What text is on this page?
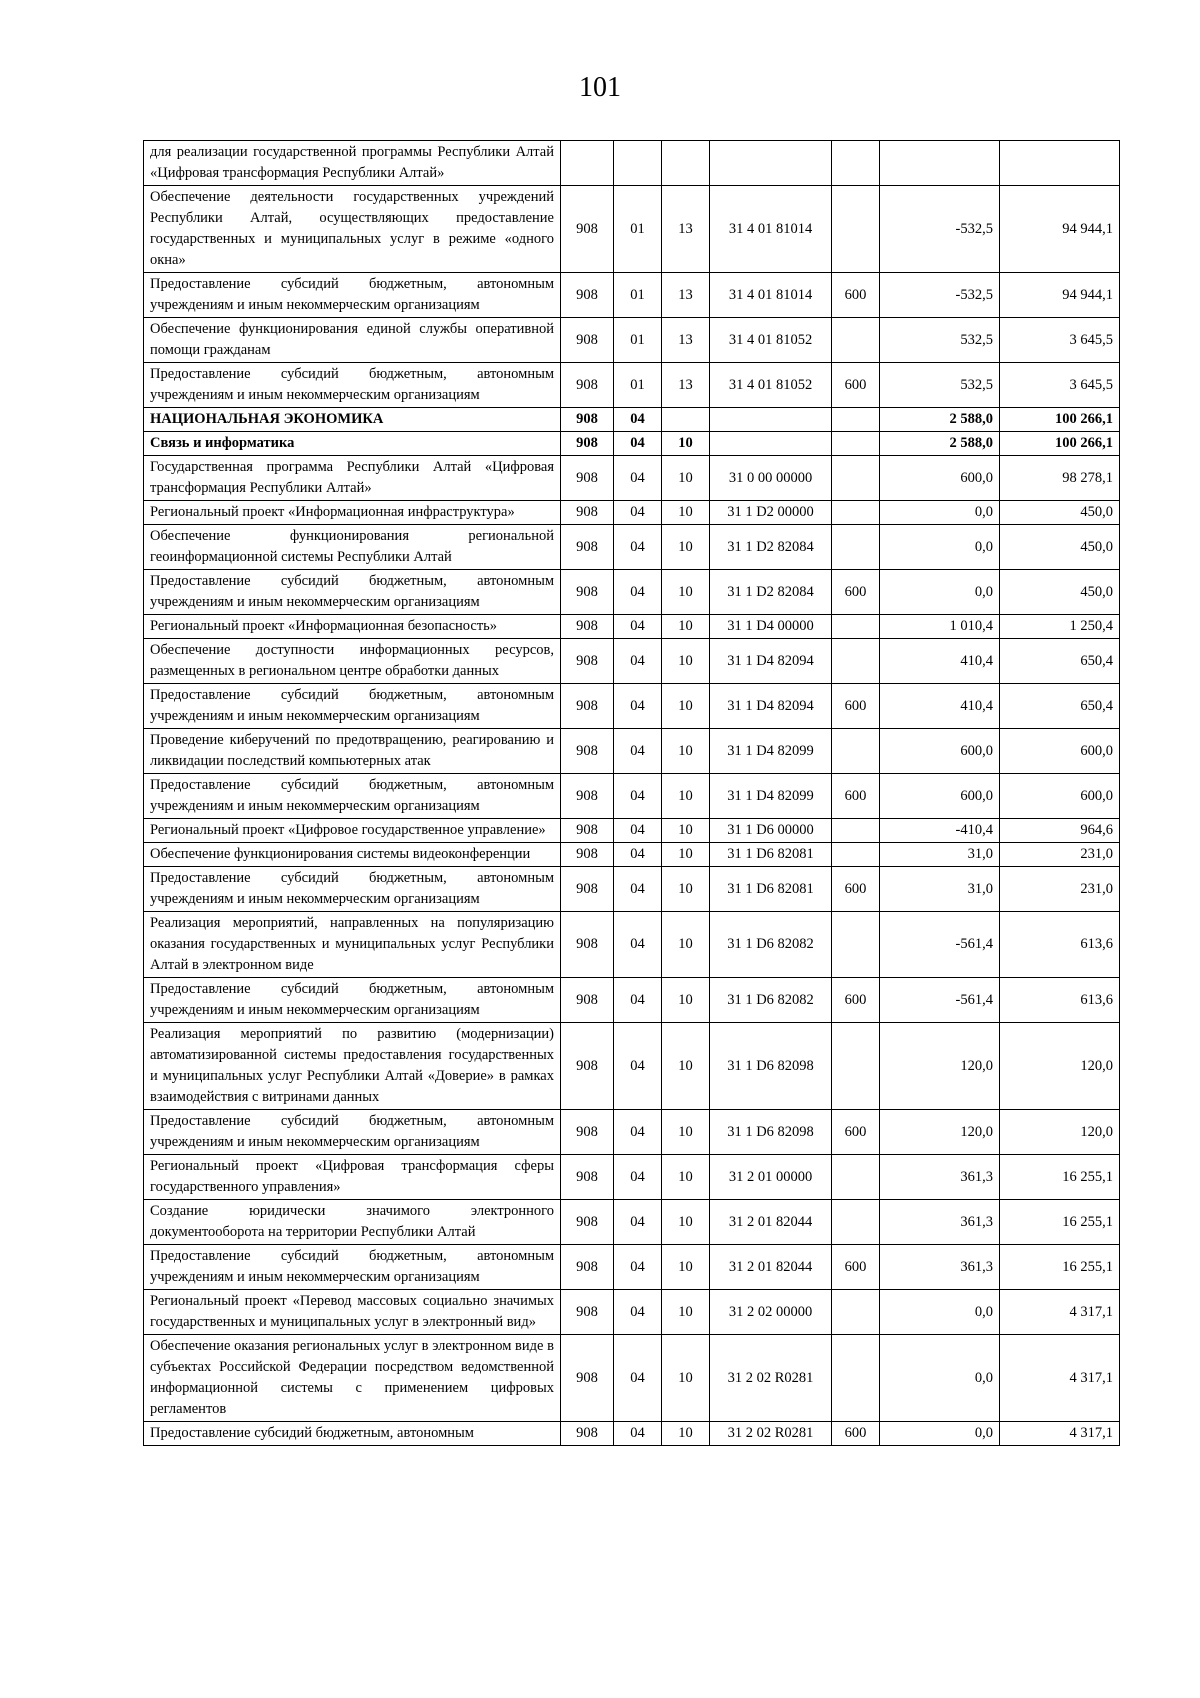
101
для реализации государственной программы Республики Алтай «Цифровая трансформация Республики Алтай»							
Обеспечение деятельности государственных учреждений Республики Алтай, осуществляющих предоставление государственных и муниципальных услуг в режиме «одного окна»	908	01	13	31 4 01 81014		-532,5	94 944,1
Предоставление субсидий бюджетным, автономным учреждениям и иным некоммерческим организациям	908	01	13	31 4 01 81014	600	-532,5	94 944,1
Обеспечение функционирования единой службы оперативной помощи гражданам	908	01	13	31 4 01 81052		532,5	3 645,5
Предоставление субсидий бюджетным, автономным учреждениям и иным некоммерческим организациям	908	01	13	31 4 01 81052	600	532,5	3 645,5
НАЦИОНАЛЬНАЯ ЭКОНОМИКА	908	04				2 588,0	100 266,1
Связь и информатика	908	04	10			2 588,0	100 266,1
Государственная программа Республики Алтай «Цифровая трансформация Республики Алтай»	908	04	10	31 0 00 00000		600,0	98 278,1
Региональный проект «Информационная инфраструктура»	908	04	10	31 1 D2 00000		0,0	450,0
Обеспечение функционирования региональной геоинформационной системы Республики Алтай	908	04	10	31 1 D2 82084		0,0	450,0
Предоставление субсидий бюджетным, автономным учреждениям и иным некоммерческим организациям	908	04	10	31 1 D2 82084	600	0,0	450,0
Региональный проект «Информационная безопасность»	908	04	10	31 1 D4 00000		1 010,4	1 250,4
Обеспечение доступности информационных ресурсов, размещенных в региональном центре обработки данных	908	04	10	31 1 D4 82094		410,4	650,4
Предоставление субсидий бюджетным, автономным учреждениям и иным некоммерческим организациям	908	04	10	31 1 D4 82094	600	410,4	650,4
Проведение киберучений по предотвращению, реагированию и ликвидации последствий компьютерных атак	908	04	10	31 1 D4 82099		600,0	600,0
Предоставление субсидий бюджетным, автономным учреждениям и иным некоммерческим организациям	908	04	10	31 1 D4 82099	600	600,0	600,0
Региональный проект «Цифровое государственное управление»	908	04	10	31 1 D6 00000		-410,4	964,6
Обеспечение функционирования системы видеоконференции	908	04	10	31 1 D6 82081		31,0	231,0
Предоставление субсидий бюджетным, автономным учреждениям и иным некоммерческим организациям	908	04	10	31 1 D6 82081	600	31,0	231,0
Реализация мероприятий, направленных на популяризацию оказания государственных и муниципальных услуг Республики Алтай в электронном виде	908	04	10	31 1 D6 82082		-561,4	613,6
Предоставление субсидий бюджетным, автономным учреждениям и иным некоммерческим организациям	908	04	10	31 1 D6 82082	600	-561,4	613,6
Реализация мероприятий по развитию (модернизации) автоматизированной системы предоставления государственных и муниципальных услуг Республики Алтай «Доверие» в рамках взаимодействия с витринами данных	908	04	10	31 1 D6 82098		120,0	120,0
Предоставление субсидий бюджетным, автономным учреждениям и иным некоммерческим организациям	908	04	10	31 1 D6 82098	600	120,0	120,0
Региональный проект «Цифровая трансформация сферы государственного управления»	908	04	10	31 2 01 00000		361,3	16 255,1
Создание юридически значимого электронного документооборота на территории Республики Алтай	908	04	10	31 2 01 82044		361,3	16 255,1
Предоставление субсидий бюджетным, автономным учреждениям и иным некоммерческим организациям	908	04	10	31 2 01 82044	600	361,3	16 255,1
Региональный проект «Перевод массовых социально значимых государственных и муниципальных услуг в электронный вид»	908	04	10	31 2 02 00000		0,0	4 317,1
Обеспечение оказания региональных услуг в электронном виде в субъектах Российской Федерации посредством ведомственной информационной системы с применением цифровых регламентов	908	04	10	31 2 02 R0281		0,0	4 317,1
Предоставление субсидий бюджетным, автономным	908	04	10	31 2 02 R0281	600	0,0	4 317,1
